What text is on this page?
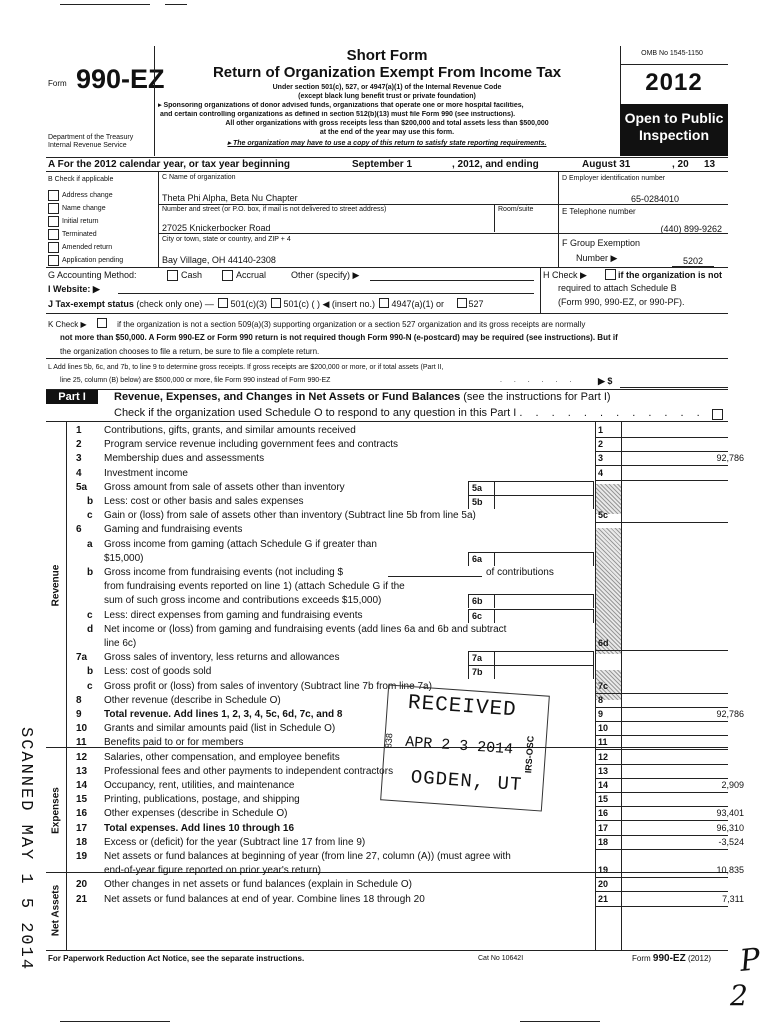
Form 990-EZ
Department of the Treasury
Internal Revenue Service
Short Form
Return of Organization Exempt From Income Tax
Under section 501(c), 527, or 4947(a)(1) of the Internal Revenue Code
(except black lung benefit trust or private foundation)
▸ Sponsoring organizations of donor advised funds, organizations that operate one or more hospital facilities,
and certain controlling organizations as defined in section 512(b)(13) must file Form 990 (see instructions).
All other organizations with gross receipts less than $200,000 and total assets less than $500,000
at the end of the year may use this form.
▸ The organization may have to use a copy of this return to satisfy state reporting requirements.
OMB No 1545-1150
2012
Open to Public
Inspection
A For the 2012 calendar year, or tax year beginning	September 1	, 2012, and ending	August 31	, 20 13
B Check if applicable
Address change
Name change
Initial return
Terminated
Amended return
Application pending
C Name of organization
Theta Phi Alpha, Beta Nu Chapter
Number and street (or P.O. box, if mail is not delivered to street address)	Room/suite
27025 Knickerbocker Road
City or town, state or country, and ZIP + 4
Bay Village, OH 44140-2308
D Employer identification number
65-0284010
E Telephone number
(440) 899-9262
F Group Exemption
Number ▶	5202
G Accounting Method:	Cash	Accrual	Other (specify) ▶	H Check ▶	if the organization is not
required to attach Schedule B
(Form 990, 990-EZ, or 990-PF).
I Website: ▶
J Tax-exempt status (check only one) — 501(c)(3) 501(c) ( ) ◀ (insert no.) 4947(a)(1) or	527
K Check ▶	if the organization is not a section 509(a)(3) supporting organization or a section 527 organization and its gross receipts are normally
not more than $50,000. A Form 990-EZ or Form 990 return is not required though Form 990-N (e-postcard) may be required (see instructions). But if
the organization chooses to file a return, be sure to file a complete return.
L Add lines 5b, 6c, and 7b, to line 9 to determine gross receipts. If gross receipts are $200,000 or more, or if total assets (Part II,
line 25, column (B) below) are $500,000 or more, file Form 990 instead of Form 990-EZ	. . . . . . ▶ $
Part I	Revenue, Expenses, and Changes in Net Assets or Fund Balances (see the instructions for Part I)
Check if the organization used Schedule O to respond to any question in this Part I . . . . . . . . . . . .
Revenue
Expenses
Net Assets
1 Contributions, gifts, grants, and similar amounts received	1
2 Program service revenue including government fees and contracts	2
3 Membership dues and assessments	3	92,786
4 Investment income	4
5a Gross amount from sale of assets other than inventory	5a
b Less: cost or other basis and sales expenses	5b
c Gain or (loss) from sale of assets other than inventory (Subtract line 5b from line 5a)	5c
6 Gaming and fundraising events
a Gross income from gaming (attach Schedule G if greater than
$15,000)	6a
b Gross income from fundraising events (not including $	of contributions
from fundraising events reported on line 1) (attach Schedule G if the
sum of such gross income and contributions exceeds $15,000)	6b
c Less: direct expenses from gaming and fundraising events	6c
d Net income or (loss) from gaming and fundraising events (add lines 6a and 6b and subtract
line 6c)	6d
7a Gross sales of inventory, less returns and allowances	7a
b Less: cost of goods sold	7b
c Gross profit or (loss) from sales of inventory (Subtract line 7b from line 7a)	7c
8 Other revenue (describe in Schedule O)	8
9 Total revenue. Add lines 1, 2, 3, 4, 5c, 6d, 7c, and 8	9	92,786
10 Grants and similar amounts paid (list in Schedule O)	10
11 Benefits paid to or for members	11
12 Salaries, other compensation, and employee benefits	12
13 Professional fees and other payments to independent contractors	13
14 Occupancy, rent, utilities, and maintenance	14	2,909
15 Printing, publications, postage, and shipping	15
16 Other expenses (describe in Schedule O)	16	93,401
17 Total expenses. Add lines 10 through 16	17	96,310
18 Excess or (deficit) for the year (Subtract line 17 from line 9)	18	-3,524
19 Net assets or fund balances at beginning of year (from line 27, column (A)) (must agree with
end-of-year figure reported on prior year's return)	19	10,835
20 Other changes in net assets or fund balances (explain in Schedule O)	20
21 Net assets or fund balances at end of year. Combine lines 18 through 20	21	7,311
RECEIVED
APR 2 3 2014
OGDEN, UT
838	IRS-OSC
SCANNED MAY 1 5 2014 For Paperwork Reduction Act Notice, see the separate instructions.	Cat No 10642I	Form 990-EZ (2012) P
2
